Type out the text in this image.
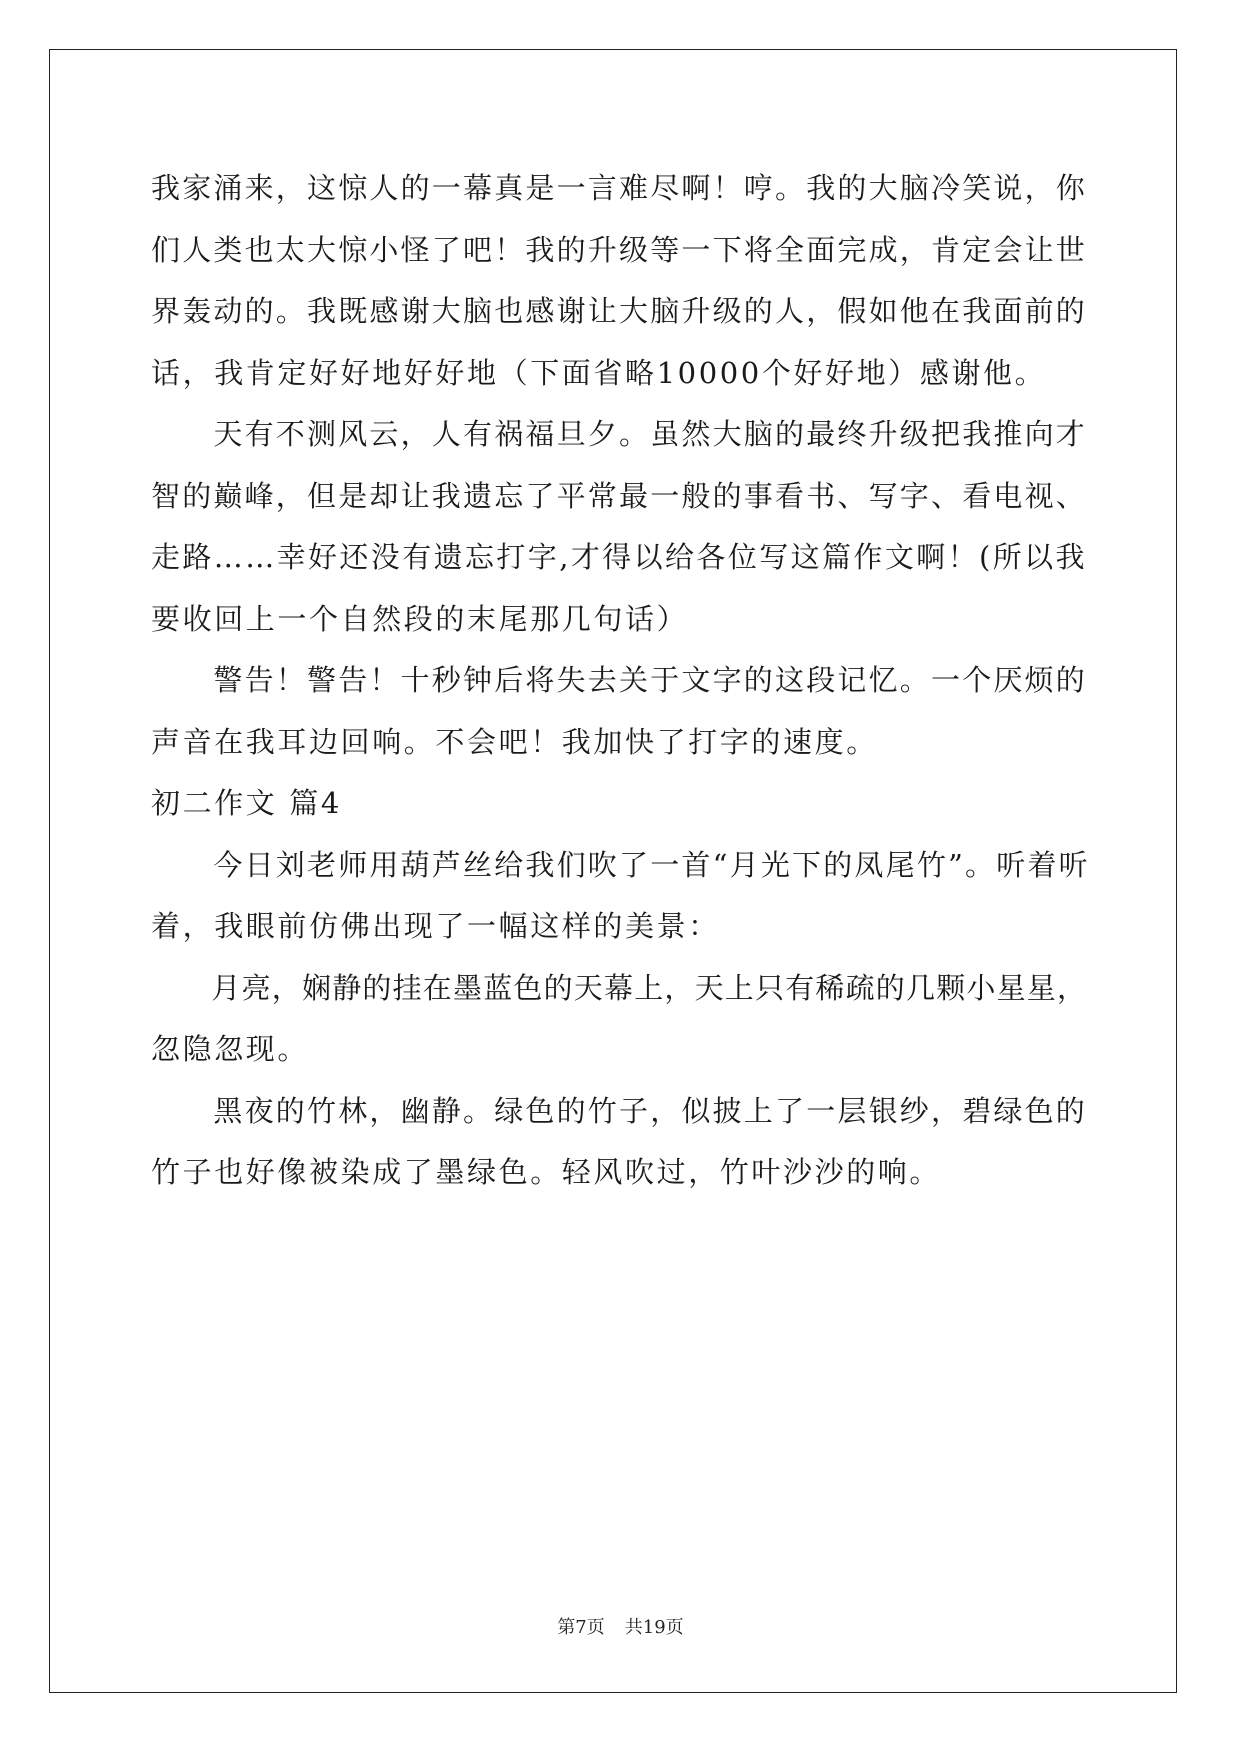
我家涌来，这惊人的一幕真是一言难尽啊！哼。我的大脑冷笑说，你
们人类也太大惊小怪了吧！我的升级等一下将全面完成，肯定会让世
界轰动的。我既感谢大脑也感谢让大脑升级的人，假如他在我面前的
话，我肯定好好地好好地（下面省略10000个好好地）感谢他。
　　天有不测风云，人有祸福旦夕。虽然大脑的最终升级把我推向才
智的巅峰，但是却让我遗忘了平常最一般的事看书、写字、看电视、
走路……幸好还没有遗忘打字,才得以给各位写这篇作文啊！(所以我
要收回上一个自然段的末尾那几句话）
　　警告！警告！十秒钟后将失去关于文字的这段记忆。一个厌烦的
声音在我耳边回响。不会吧！我加快了打字的速度。
初二作文 篇4
　　今日刘老师用葫芦丝给我们吹了一首“月光下的凤尾竹”。听着听
着，我眼前仿佛出现了一幅这样的美景：
　　月亮，娴静的挂在墨蓝色的天幕上，天上只有稀疏的几颗小星星，
忽隐忽现。
　　黑夜的竹林，幽静。绿色的竹子，似披上了一层银纱，碧绿色的
竹子也好像被染成了墨绿色。轻风吹过，竹叶沙沙的响。
第7页 共19页
